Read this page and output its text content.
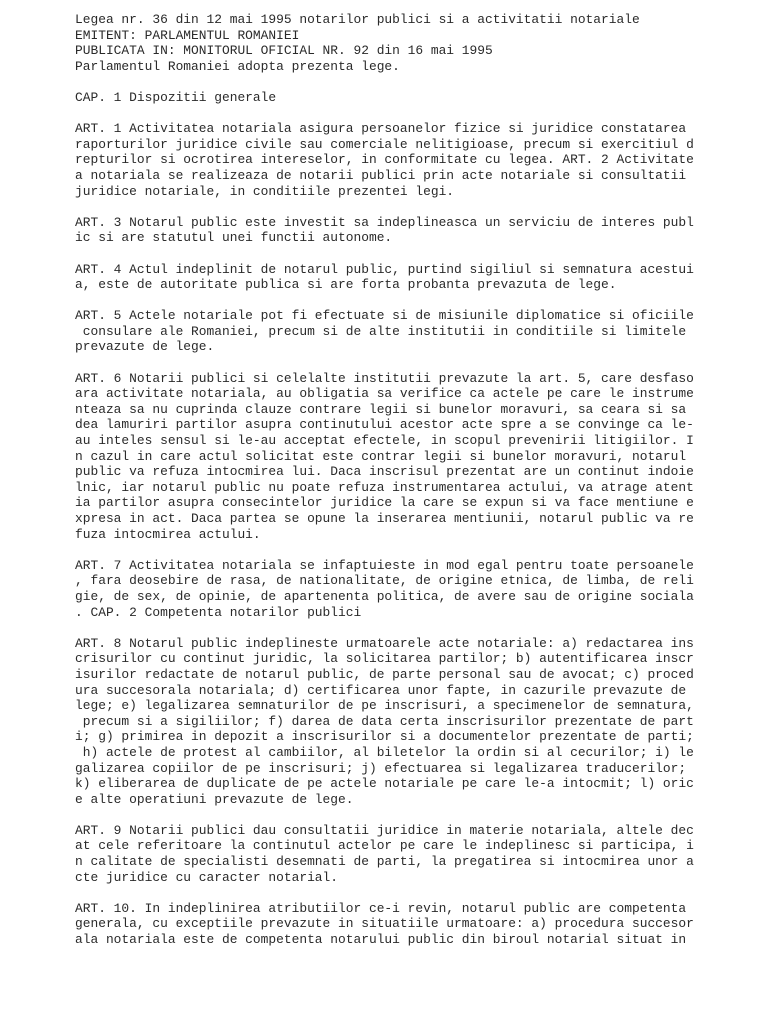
Legea nr. 36 din 12 mai 1995 notarilor publici si a activitatii notariale
EMITENT: PARLAMENTUL ROMANIEI
PUBLICATA IN: MONITORUL OFICIAL NR. 92 din 16 mai 1995
Parlamentul Romaniei adopta prezenta lege.
CAP. 1 Dispozitii generale
ART. 1 Activitatea notariala asigura persoanelor fizice si juridice constatarea
raporturilor juridice civile sau comerciale nelitigioase, precum si exercitiul d
repturilor si ocrotirea intereselor, in conformitate cu legea. ART. 2 Activitate
a notariala se realizeaza de notarii publici prin acte notariale si consultatii
juridice notariale, in conditiile prezentei legi.
ART. 3 Notarul public este investit sa indeplineasca un serviciu de interes publ
ic si are statutul unei functii autonome.
ART. 4 Actul indeplinit de notarul public, purtind sigiliul si semnatura acestui
a, este de autoritate publica si are forta probanta prevazuta de lege.
ART. 5 Actele notariale pot fi efectuate si de misiunile diplomatice si oficiile
consulare ale Romaniei, precum si de alte institutii in conditiile si limitele
prevazute de lege.
ART. 6 Notarii publici si celelalte institutii prevazute la art. 5, care desfaso
ara activitate notariala, au obligatia sa verifice ca actele pe care le instrume
nteaza sa nu cuprinda clauze contrare legii si bunelor moravuri, sa ceara si sa
dea lamuriri partilor asupra continutului acestor acte spre a se convinge ca le-
au inteles sensul si le-au acceptat efectele, in scopul prevenirii litigiilor. I
n cazul in care actul solicitat este contrar legii si bunelor moravuri, notarul
public va refuza intocmirea lui. Daca inscrisul prezentat are un continut indoie
lnic, iar notarul public nu poate refuza instrumentarea actului, va atrage atent
ia partilor asupra consecintelor juridice la care se expun si va face mentiune e
xpresa in act. Daca partea se opune la inserarea mentiunii, notarul public va re
fuza intocmirea actului.
ART. 7 Activitatea notariala se infaptuieste in mod egal pentru toate persoanele
, fara deosebire de rasa, de nationalitate, de origine etnica, de limba, de reli
gie, de sex, de opinie, de apartenenta politica, de avere sau de origine sociala
. CAP. 2 Competenta notarilor publici
ART. 8 Notarul public indeplineste urmatoarele acte notariale: a) redactarea ins
crisurilor cu continut juridic, la solicitarea partilor; b) autentificarea inscr
isurilor redactate de notarul public, de parte personal sau de avocat; c) proced
ura succesorala notariala; d) certificarea unor fapte, in cazurile prevazute de
lege; e) legalizarea semnaturilor de pe inscrisuri, a specimenelor de semnatura,
precum si a sigiliilor; f) darea de data certa inscrisurilor prezentate de part
i; g) primirea in depozit a inscrisurilor si a documentelor prezentate de parti;
h) actele de protest al cambiilor, al biletelor la ordin si al cecurilor; i) le
galizarea copiilor de pe inscrisuri; j) efectuarea si legalizarea traducerilor;
k) eliberarea de duplicate de pe actele notariale pe care le-a intocmit; l) oric
e alte operatiuni prevazute de lege.
ART. 9 Notarii publici dau consultatii juridice in materie notariala, altele dec
at cele referitoare la continutul actelor pe care le indeplinesc si participa, i
n calitate de specialisti desemnati de parti, la pregatirea si intocmirea unor a
cte juridice cu caracter notarial.
ART. 10. In indeplinirea atributiilor ce-i revin, notarul public are competenta
generala, cu exceptiile prevazute in situatiile urmatoare: a) procedura succesor
ala notariala este de competenta notarului public din biroul notarial situat in
